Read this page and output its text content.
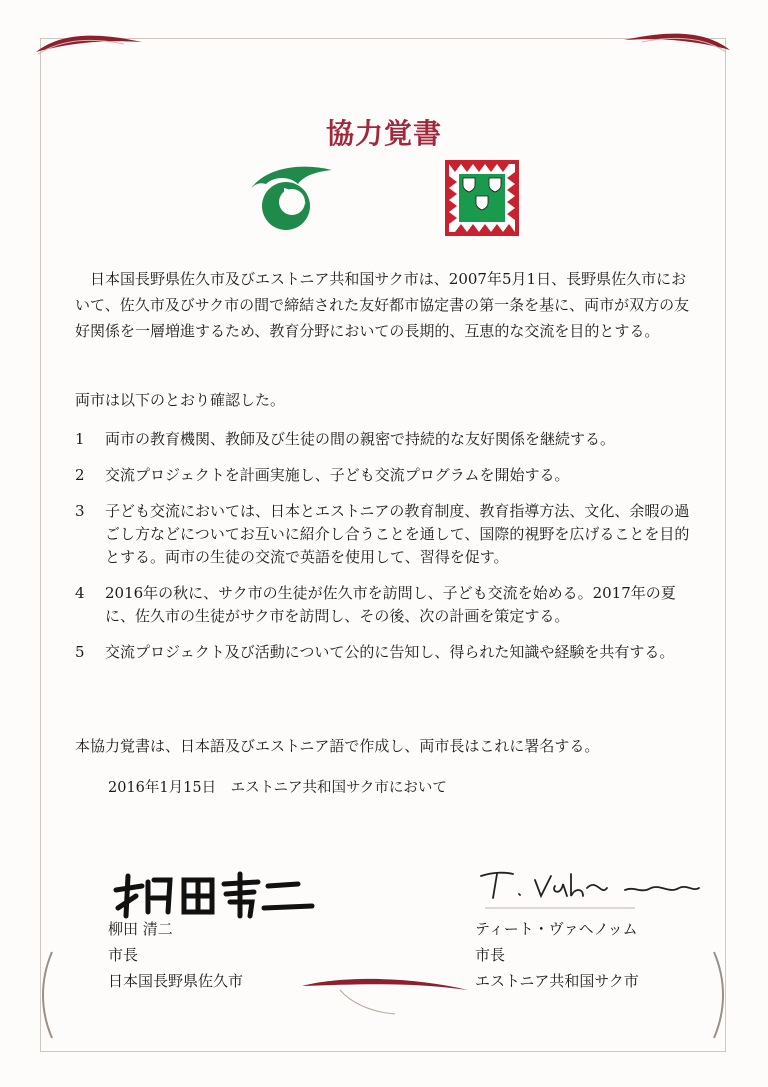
協力覚書
日本国長野県佐久市及びエストニア共和国サク市は、2007年5月1日、長野県佐久市において、佐久市及びサク市の間で締結された友好都市協定書の第一条を基に、両市が双方の友好関係を一層増進するため、教育分野においての長期的、互恵的な交流を目的とする。
両市は以下のとおり確認した。
1	両市の教育機関、教師及び生徒の間の親密で持続的な友好関係を継続する。
2	交流プロジェクトを計画実施し、子ども交流プログラムを開始する。
3	子ども交流においては、日本とエストニアの教育制度、教育指導方法、文化、余暇の過ごし方などについてお互いに紹介し合うことを通して、国際的視野を広げることを目的とする。両市の生徒の交流で英語を使用して、習得を促す。
4	2016年の秋に、サク市の生徒が佐久市を訪問し、子ども交流を始める。2017年の夏に、佐久市の生徒がサク市を訪問し、その後、次の計画を策定する。
5	交流プロジェクト及び活動について公的に告知し、得られた知識や経験を共有する。
本協力覚書は、日本語及びエストニア語で作成し、両市長はこれに署名する。
2016年1月15日　エストニア共和国サク市において
柳田 清二
市長
日本国長野県佐久市
ティート・ヴァヘノッム
市長
エストニア共和国サク市
